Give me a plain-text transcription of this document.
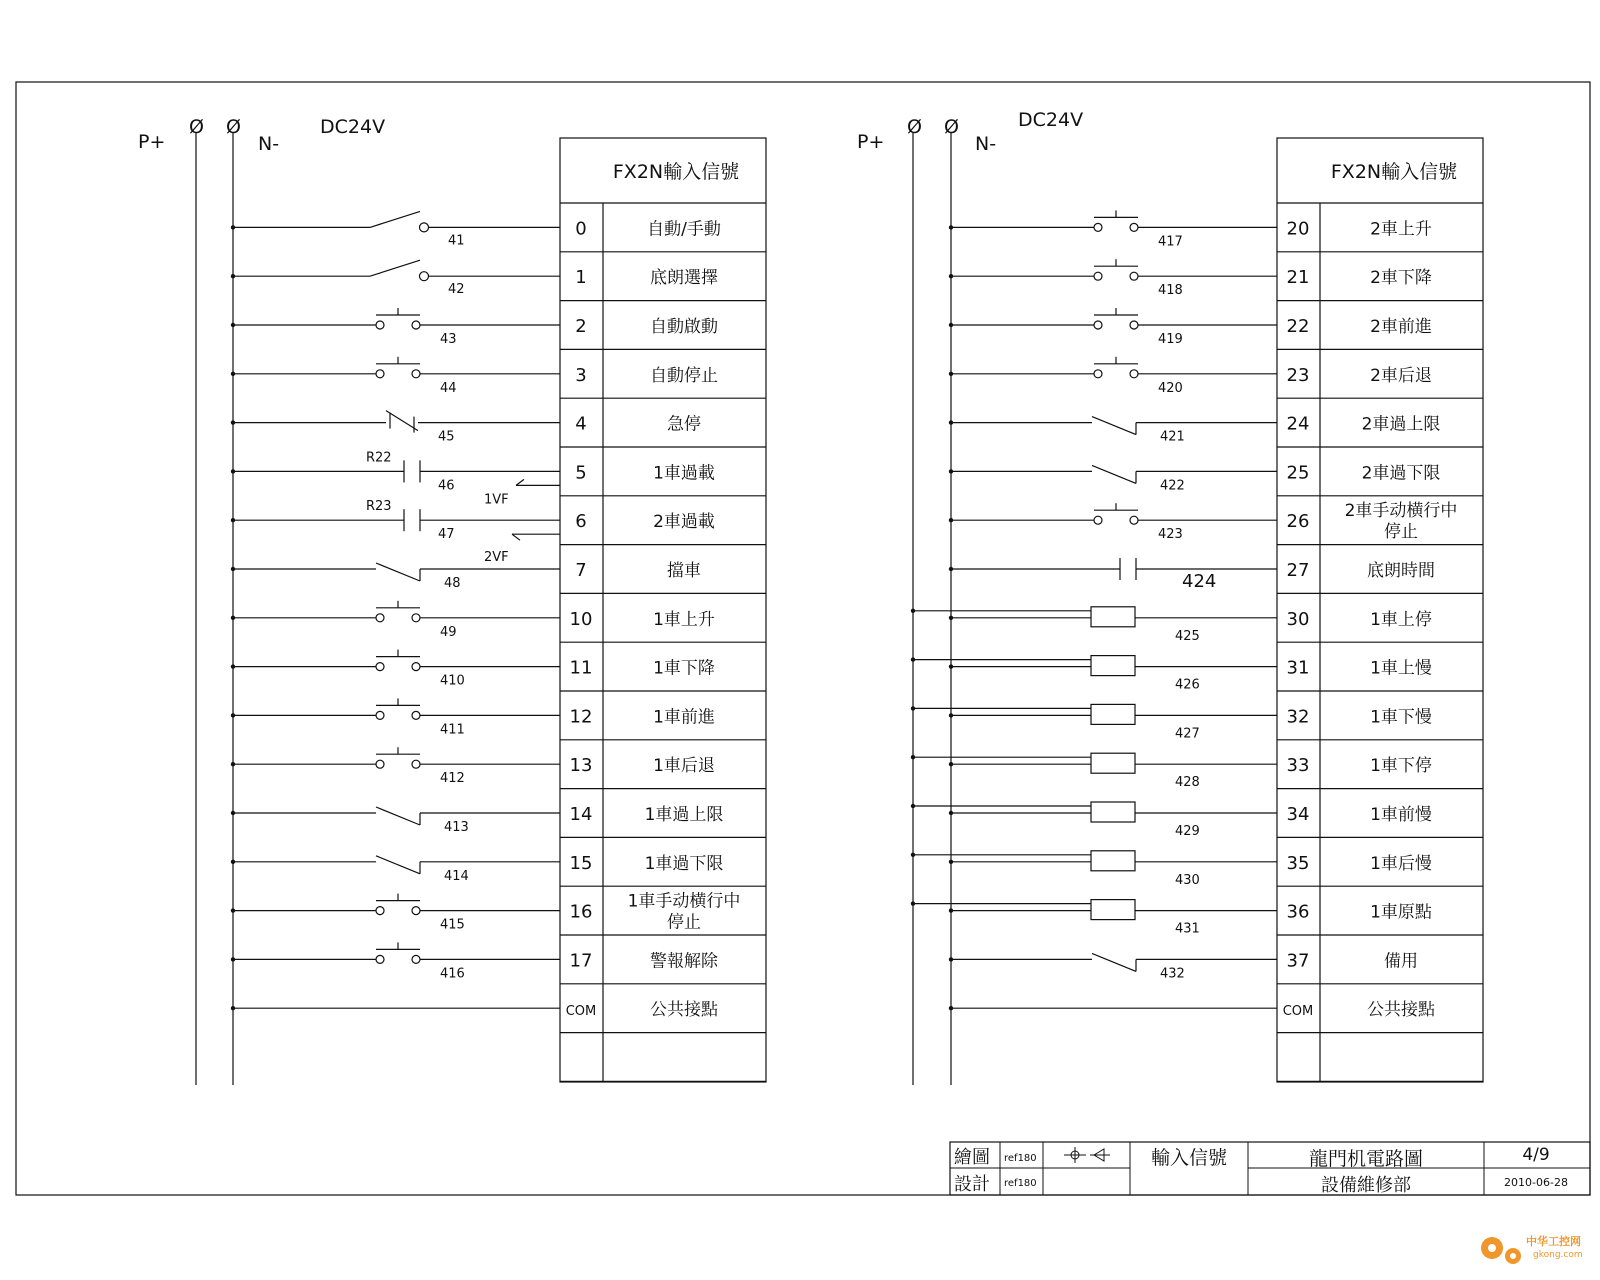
P+	N-
Ø Ø	DC24V
FX2N輸入信號
0	自動/手動
41
1	底朗選擇
42
2	自動啟動
43
3	自動停止
44
4	急停
45
5	1車過載
R22
46
6	2車過載
R23
47
7	擋車
48
10	1車上升
49
11	1車下降
410
12	1車前進
411
13	1車后退
412
14	1車過上限
413
15	1車過下限
414
16 1車手动横行中
停止
415
17	警報解除
416
COM	公共接點
1VF
2VF
P+	N-
Ø Ø	DC24V
FX2N輸入信號
20	2車上升
417
21	2車下降
418
22	2車前進
419
23	2車后退
420
24	2車過上限
421
25	2車過下限
422
26 2車手动横行中
停止
423
27	底朗時間
424
30	1車上停
425
31	1車上慢
426
32	1車下慢
427
33	1車下停
428
34	1車前慢
429
35	1車后慢
430
36	1車原點
431
37	備用
432
COM	公共接點
繪圖 ref180
設計 ref180
輸入信號	龍門机電路圖
設備維修部
4/9
2010-06-28
中华工控网
gkong.com
